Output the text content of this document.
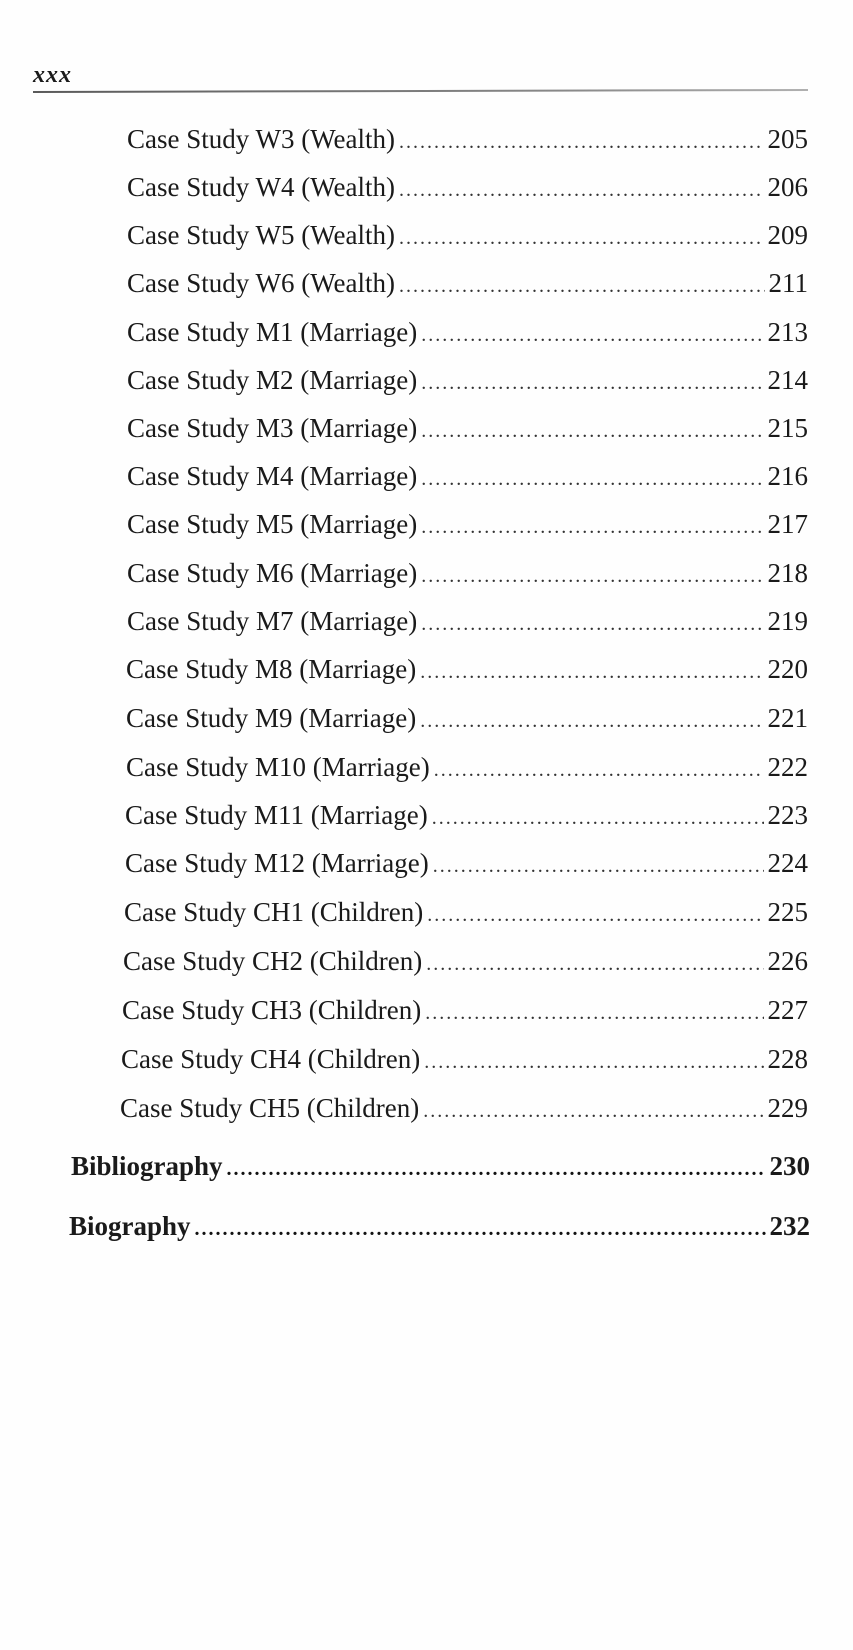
xxx
Case Study W3 (Wealth) .....	205
Case Study W4 (Wealth) .....	206
Case Study W5 (Wealth) .....	209
Case Study W6 (Wealth) .....	211
Case Study M1 (Marriage) .....	213
Case Study M2 (Marriage) .....	214
Case Study M3 (Marriage) .....	215
Case Study M4 (Marriage) .....	216
Case Study M5 (Marriage) .....	217
Case Study M6 (Marriage) .....	218
Case Study M7 (Marriage) .....	219
Case Study M8 (Marriage) .....	220
Case Study M9 (Marriage) .....	221
Case Study M10 (Marriage) .....	222
Case Study M11 (Marriage) .....	223
Case Study M12 (Marriage) .....	224
Case Study CH1 (Children) .....	225
Case Study CH2 (Children) .....	226
Case Study CH3 (Children) .....	227
Case Study CH4 (Children) .....	228
Case Study CH5 (Children) .....	229
Bibliography .....	230
Biography .....	232
